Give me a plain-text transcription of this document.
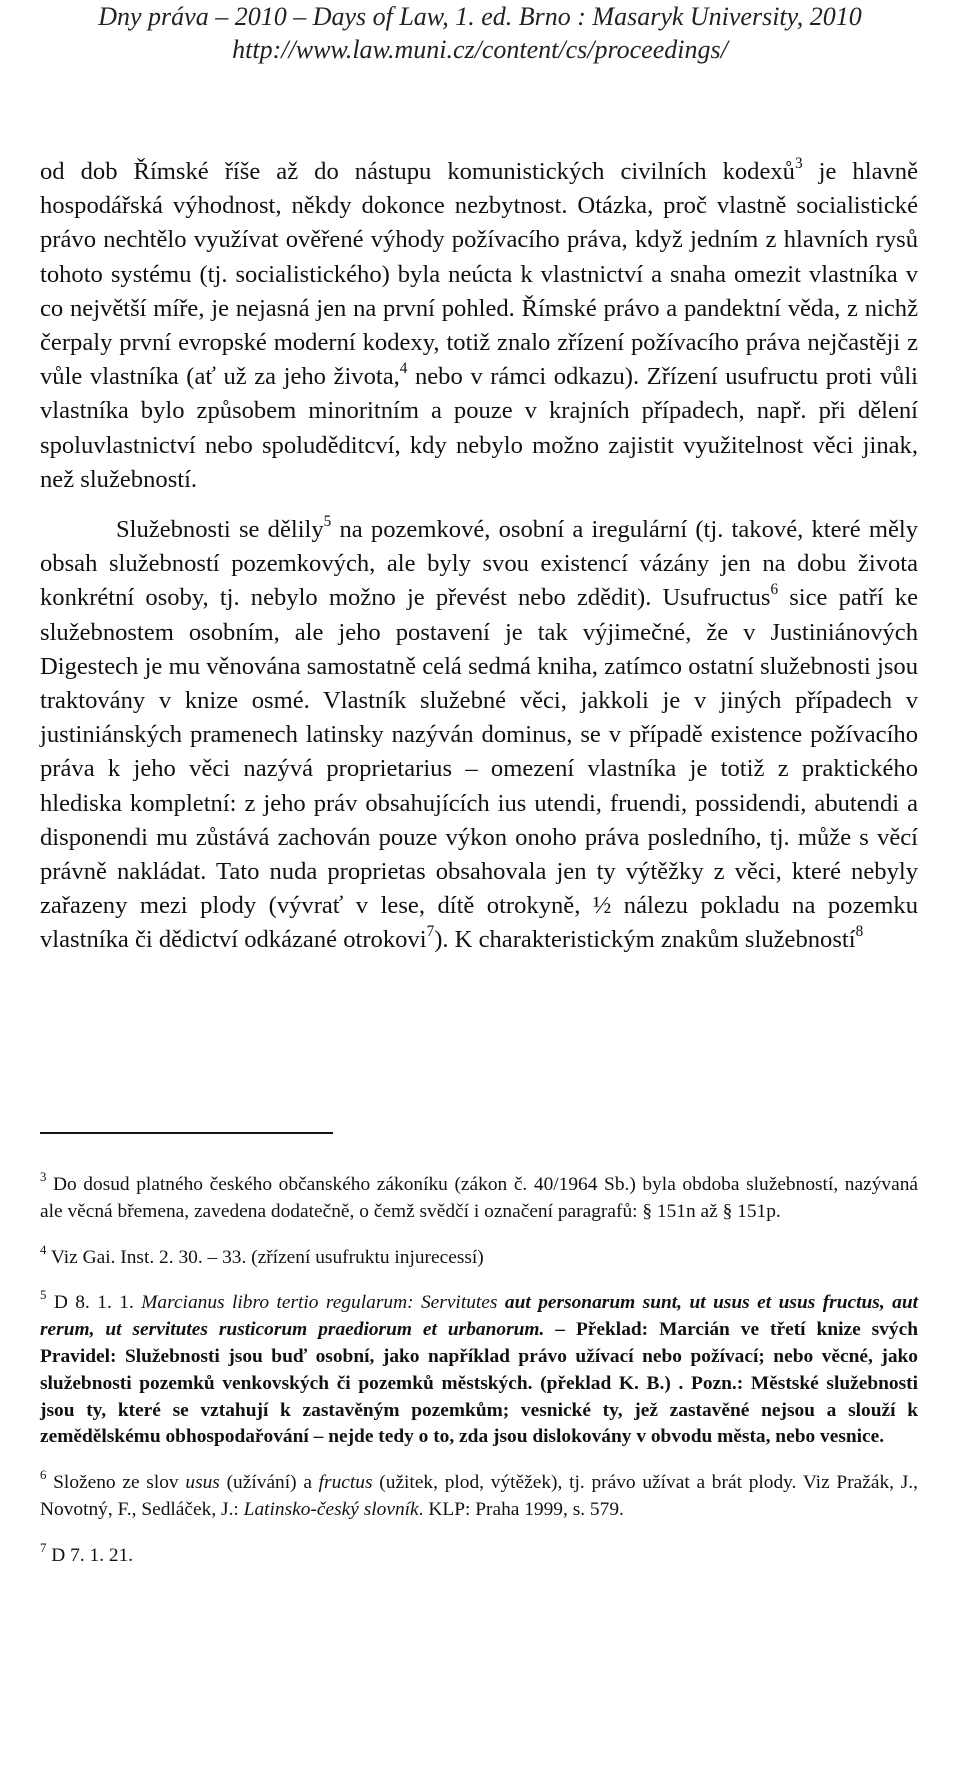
Dny práva – 2010 – Days of Law, 1. ed. Brno : Masaryk University, 2010
http://www.law.muni.cz/content/cs/proceedings/

od dob Římské říše až do nástupu komunistických civilních kodexů$^3$ je hlavně hospodářská výhodnost, někdy dokonce nezbytnost. Otázka, proč vlastně socialistické právo nechtělo využívat ověřené výhody požívacího práva, když jedním z hlavních rysů tohoto systému (tj. socialistického) byla neúcta k vlastnictví a snaha omezit vlastníka v co největší míře, je nejasná jen na první pohled. Římské právo a pandektní věda, z nichž čerpaly první evropské moderní kodexy, totiž znalo zřízení požívacího práva nejčastěji z vůle vlastníka (ať už za jeho života,$^4$ nebo v rámci odkazu). Zřízení usufructu proti vůli vlastníka bylo způsobem minoritním a pouze v krajních případech, např. při dělení spoluvlastnictví nebo spoluděditcví, kdy nebylo možno zajistit využitelnost věci jinak, než služebností.

Služebnosti se dělily$^5$ na pozemkové, osobní a iregulární (tj. takové, které měly obsah služebností pozemkových, ale byly svou existencí vázány jen na dobu života konkrétní osoby, tj. nebylo možno je převést nebo zdědit). Usufructus$^6$ sice patří ke služebnostem osobním, ale jeho postavení je tak výjimečné, že v Justiniánových Digestech je mu věnována samostatně celá sedmá kniha, zatímco ostatní služebnosti jsou traktovány v knize osmé. Vlastník služebné věci, jakkoli je v jiných případech v justiniánských pramenech latinsky nazýván dominus, se v případě existence požívacího práva k jeho věci nazývá proprietarius – omezení vlastníka je totiž z praktického hlediska kompletní: z jeho práv obsahujících ius utendi, fruendi, possidendi, abutendi a disponendi mu zůstává zachován pouze výkon onoho práva posledního, tj. může s věcí právně nakládat. Tato nuda proprietas obsahovala jen ty výtěžky z věci, které nebyly zařazeny mezi plody (vývrať v lese, dítě otrokyně, ½ nálezu pokladu na pozemku vlastníka či dědictví odkázané otrokovi$^7$). K charakteristickým znakům služebností$^8$

$^3$ Do dosud platného českého občanského zákoníku (zákon č. 40/1964 Sb.) byla obdoba služebností, nazývaná ale věcná břemena, zavedena dodatečně, o čemž svědčí i označení paragrafů: § 151n až § 151p.

$^4$ Viz Gai. Inst. 2. 30. – 33. (zřízení usufruktu injurecessí)

$^5$ D 8. 1. 1. Marcianus libro tertio regularum: Servitutes aut personarum sunt, ut usus et usus fructus, aut rerum, ut servitutes rusticorum praediorum et urbanorum. – Překlad: Marcián ve třetí knize svých Pravidel: Služebnosti jsou buď osobní, jako například právo užívací nebo požívací; nebo věcné, jako služebnosti pozemků venkovských či pozemků městských. (překlad K. B.) . Pozn.: Městské služebnosti jsou ty, které se vztahují k zastavěným pozemkům; vesnické ty, jež zastavěné nejsou a slouží k zemědělskému obhospodařování – nejde tedy o to, zda jsou dislokovány v obvodu města, nebo vesnice.

$^6$ Složeno ze slov usus (užívání) a fructus (užitek, plod, výtěžek), tj. právo užívat a brát plody. Viz Pražák, J., Novotný, F., Sedláček, J.: Latinsko-český slovník. KLP: Praha 1999, s. 579.

$^7$ D 7. 1. 21.
